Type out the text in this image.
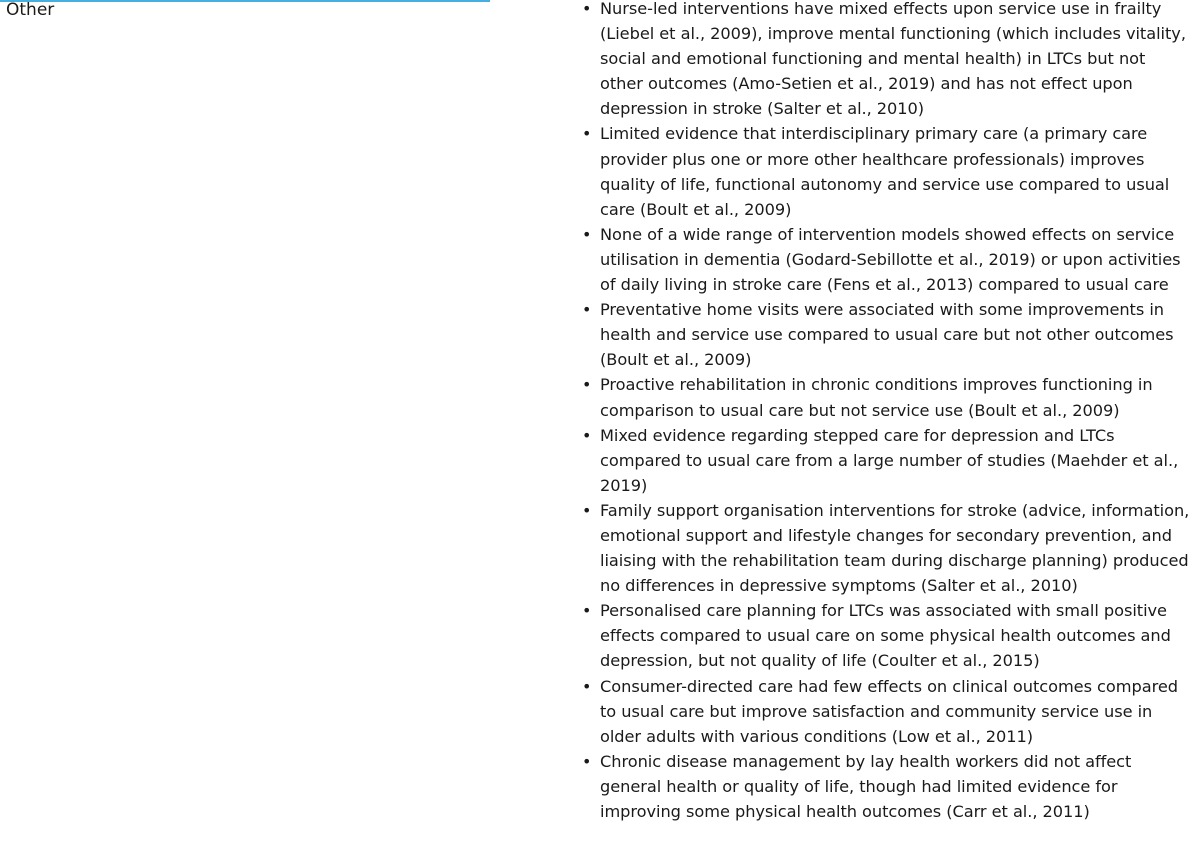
Other	• Nurse-led interventions have mixed effects upon service use in frailty (Liebel et al., 2009), improve mental functioning (which includes vitality, social and emotional functioning and mental health) in LTCs but not other outcomes (Amo-Setien et al., 2019) and has not effect upon depression in stroke (Salter et al., 2010)
• Limited evidence that interdisciplinary primary care (a primary care provider plus one or more other healthcare professionals) improves quality of life, functional autonomy and service use compared to usual care (Boult et al., 2009)
• None of a wide range of intervention models showed effects on service utilisation in dementia (Godard-Sebillotte et al., 2019) or upon activities of daily living in stroke care (Fens et al., 2013) compared to usual care
• Preventative home visits were associated with some improvements in health and service use compared to usual care but not other outcomes (Boult et al., 2009)
• Proactive rehabilitation in chronic conditions improves functioning in comparison to usual care but not service use (Boult et al., 2009)
• Mixed evidence regarding stepped care for depression and LTCs compared to usual care from a large number of studies (Maehder et al., 2019)
• Family support organisation interventions for stroke (advice, information, emotional support and lifestyle changes for secondary prevention, and liaising with the rehabilitation team during discharge planning) produced no differences in depressive symptoms (Salter et al., 2010)
• Personalised care planning for LTCs was associated with small positive effects compared to usual care on some physical health outcomes and depression, but not quality of life (Coulter et al., 2015)
• Consumer-directed care had few effects on clinical outcomes compared to usual care but improve satisfaction and community service use in older adults with various conditions (Low et al., 2011)
• Chronic disease management by lay health workers did not affect general health or quality of life, though had limited evidence for improving some physical health outcomes (Carr et al., 2011)
